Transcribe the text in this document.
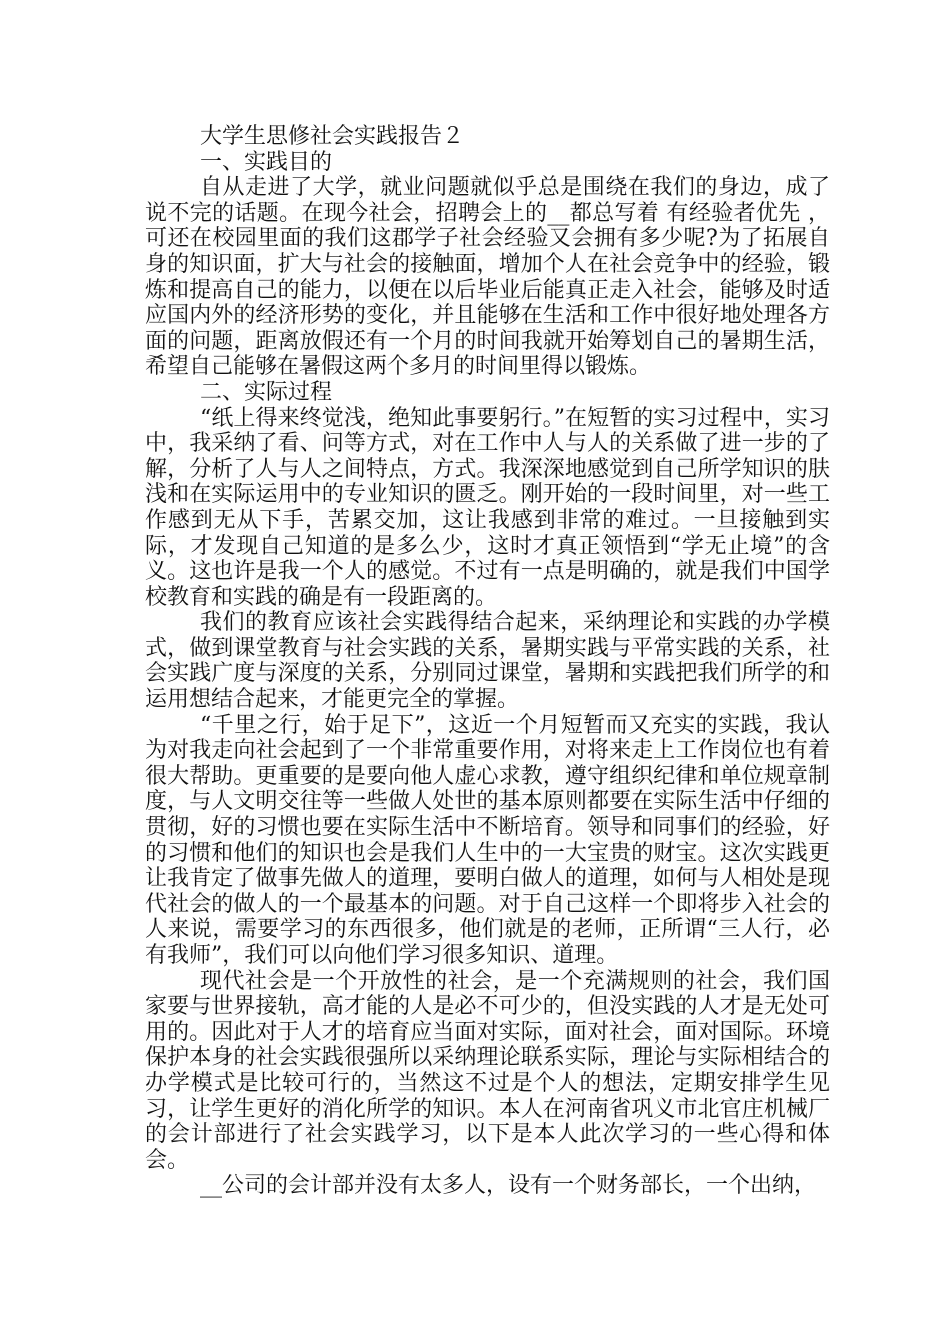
大学生思修社会实践报告２
一、实践目的

自从走进了大学，就业问题就似乎总是围绕在我们的身边，成了说不完的话题。在现今社会，招聘会上的__都总写着 有经验者优先 ，可还在校园里面的我们这郡学子社会经验又会拥有多少呢?为了拓展自身的知识面，扩大与社会的接触面，增加个人在社会竞争中的经验，锻炼和提高自己的能力，以便在以后毕业后能真正走入社会，能够及时适应国内外的经济形势的变化，并且能够在生活和工作中很好地处理各方面的问题，距离放假还有一个月的时间我就开始筹划自己的暑期生活，希望自己能够在暑假这两个多月的时间里得以锻炼。

二、实际过程

“纸上得来终觉浅，绝知此事要躬行。”在短暂的实习过程中，实习中，我采纳了看、问等方式，对在工作中人与人的关系做了进一步的了解，分析了人与人之间特点，方式。我深深地感觉到自己所学知识的肤浅和在实际运用中的专业知识的匮乏。刚开始的一段时间里，对一些工作感到无从下手，苦累交加，这让我感到非常的难过。一旦接触到实际，才发现自己知道的是多么少，这时才真正领悟到“学无止境”的含义。这也许是我一个人的感觉。不过有一点是明确的，就是我们中国学校教育和实践的确是有一段距离的。

我们的教育应该社会实践得结合起来，采纳理论和实践的办学模式，做到课堂教育与社会实践的关系，暑期实践与平常实践的关系，社会实践广度与深度的关系，分别同过课堂，暑期和实践把我们所学的和运用想结合起来，才能更完全的掌握。

“千里之行，始于足下”，这近一个月短暂而又充实的实践，我认为对我走向社会起到了一个非常重要作用，对将来走上工作岗位也有着很大帮助。更重要的是要向他人虚心求教，遵守组织纪律和单位规章制度，与人文明交往等一些做人处世的基本原则都要在实际生活中仔细的贯彻，好的习惯也要在实际生活中不断培育。领导和同事们的经验，好的习惯和他们的知识也会是我们人生中的一大宝贵的财宝。这次实践更让我肯定了做事先做人的道理，要明白做人的道理，如何与人相处是现代社会的做人的一个最基本的问题。对于自己这样一个即将步入社会的人来说，需要学习的东西很多，他们就是的老师，正所谓“三人行，必有我师”，我们可以向他们学习很多知识、道理。

现代社会是一个开放性的社会，是一个充满规则的社会，我们国家要与世界接轨，高才能的人是必不可少的，但没实践的人才是无处可用的。因此对于人才的培育应当面对实际，面对社会，面对国际。环境保护本身的社会实践很强所以采纳理论联系实际，理论与实际相结合的办学模式是比较可行的，当然这不过是个人的想法，定期安排学生见习，让学生更好的消化所学的知识。本人在河南省巩义市北官庄机械厂的会计部进行了社会实践学习，以下是本人此次学习的一些心得和体会。

__公司的会计部并没有太多人，设有一个财务部长，一个出纳，
